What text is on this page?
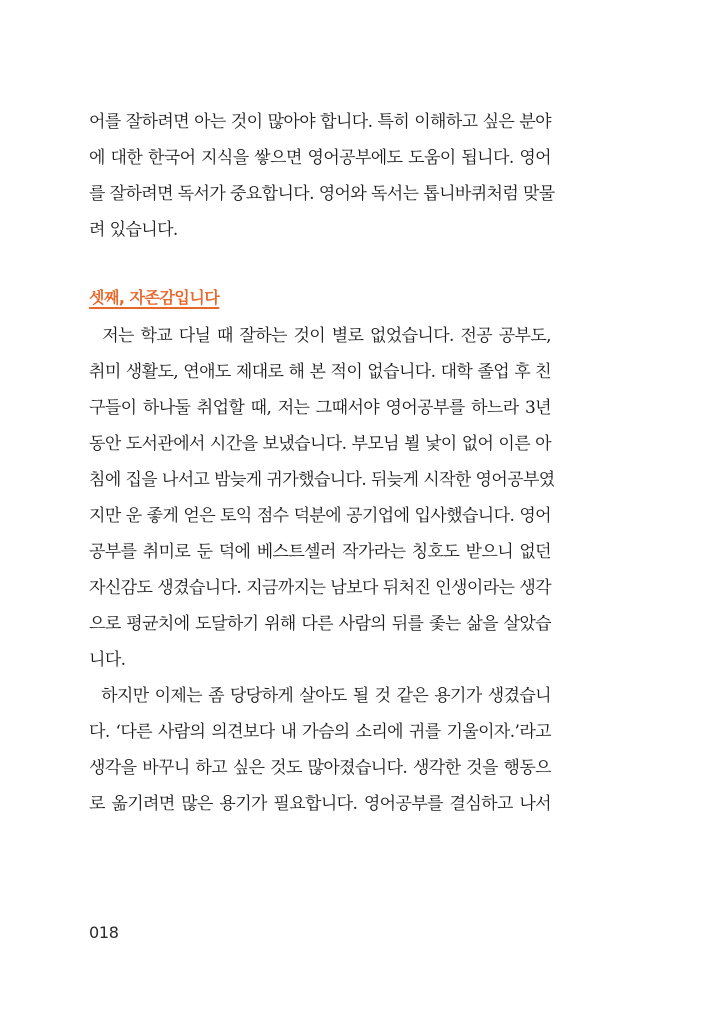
어를 잘하려면 아는 것이 많아야 합니다. 특히 이해하고 싶은 분야
에 대한 한국어 지식을 쌓으면 영어공부에도 도움이 됩니다. 영어
를 잘하려면 독서가 중요합니다. 영어와 독서는 톱니바퀴처럼 맞물
려 있습니다.
셋째, 자존감입니다
저는 학교 다닐 때 잘하는 것이 별로 없었습니다. 전공 공부도,
취미 생활도, 연애도 제대로 해 본 적이 없습니다. 대학 졸업 후 친
구들이 하나둘 취업할 때, 저는 그때서야 영어공부를 하느라 3년
동안 도서관에서 시간을 보냈습니다. 부모님 뵐 낯이 없어 이른 아
침에 집을 나서고 밤늦게 귀가했습니다. 뒤늦게 시작한 영어공부였
지만 운 좋게 얻은 토익 점수 덕분에 공기업에 입사했습니다. 영어
공부를 취미로 둔 덕에 베스트셀러 작가라는 칭호도 받으니 없던
자신감도 생겼습니다. 지금까지는 남보다 뒤처진 인생이라는 생각
으로 평균치에 도달하기 위해 다른 사람의 뒤를 좇는 삶을 살았습
니다.
하지만 이제는 좀 당당하게 살아도 될 것 같은 용기가 생겼습니
다. ‘다른 사람의 의견보다 내 가슴의 소리에 귀를 기울이자.’라고
생각을 바꾸니 하고 싶은 것도 많아졌습니다. 생각한 것을 행동으
로 옮기려면 많은 용기가 필요합니다. 영어공부를 결심하고 나서
018
